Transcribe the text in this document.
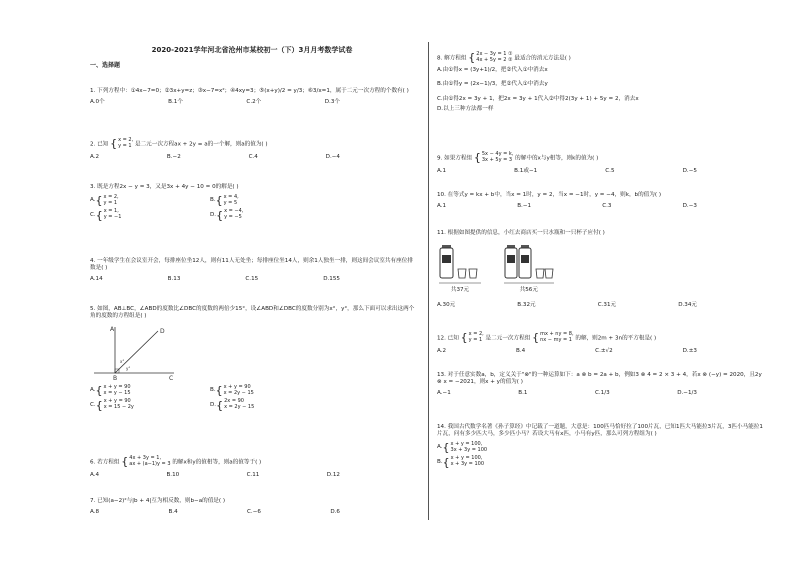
2020-2021学年河北省沧州市某校初一（下）3月月考数学试卷
一、选择题
1. 下列方程中：①4x−7=0；②3x+y=z；③x−7=x²；④4xy=3；⑤(x+y)/2 = y/3；⑥3/x=1，属于二元一次方程的个数有( )
A.0个	B.1个	C.2个	D.3个
2. 已知 { x = 2,
y = 1 是二元一次方程ax + 2y = a的一个解，则a的值为( )
A.2	B.−2	C.4	D.−4
3. 既是方程2x − y = 3，又是3x + 4y − 10 = 0的解是( )
A. { x = 2,
y = 1	B. { x = 4,
y = 5
C. { x = 1,
y = −1	D. { x = −4,
y = −5
4. 一年级学生在会议室开会，每排座位坐12人，则有11人无处坐；每排座位坐14人，则余1人独坐一排，则这间会议室共有座位排数是( )
A.14	B.13	C.15	D.155
5. 如图，AB⊥BC，∠ABD的度数比∠DBC的度数的两倍少15°，设∠ABD和∠DBC的度数分别为x°，y°，那么下面可以求出这两个角的度数的方程组是( )
A	D
B	C
x°
y°
A. { x + y = 90
x = y − 15	B. { x + y = 90
x = 2y − 15
C. { x + y = 90
x = 15 − 2y	D. { 2x = 90
x = 2y − 15
6. 若方程组 { 4x + 3y = 1,
ax + (a−1)y = 3 的解x和y的值相等，则a的值等于( )
A.4	B.10	C.11	D.12
7. 已知(a−2)²与|b + 4|互为相反数，则b−a的值是( )
A.8	B.4	C.−6	D.6
8. 解方程组 { 2x − 3y = 1 ①
4x + 5y = 2 ② 最适合的消元方法是( )
A.由①得x = (3y+1)/2，把②代入①中消去x
B.由①得y = (2x−1)/3，把②代入①中消去y
C.由①得2x = 3y + 1，把2x = 3y + 1代入②中得2(3y + 1) + 5y = 2，消去x
D.以上三种方法都一样
9. 如果方程组 { 5x − 4y = k,
3x + 5y = 3 的解中的x与y相等，则k的值为( )
A.1	B.1或−1	C.5	D.−5
10. 在等式y = kx + b中，当x = 1时，y = 2，当x = −1时，y = −4，则k，b的值为( )
A.1	B.−1	C.3	D.−3
11. 根据如图提供的信息，小红去商店买一只水瓶和一只杯子应付( )
共37元
	共56元
A.30元	B.32元	C.31元	D.34元
12. 已知 { x = 2,
y = 1 是二元一次方程组 { mx + ny = 8,
nx − my = 1 的解，则2m + 3n的平方根是( )
A.2	B.4	C.±√2	D.±3
13. 对于任意实数a，b，定义关于"⊗"的一种运算如下：a ⊗ b = 2a + b，例如3 ⊗ 4 = 2 × 3 + 4，若x ⊗ (−y) = 2020，且2y ⊗ x = −2021，则x + y的值为( )
A.−1	B.1	C.1/3	D.−1/3
14. 我国古代数学名著《孙子算经》中记载了一道题，大意是：100匹马恰好拉了100片瓦，已知1匹大马能拉3片瓦，3匹小马能拉1片瓦，问有多少匹大马，多少匹小马？若设大马有x匹，小马有y匹，那么可列方程组为( )
A. { x + y = 100,
3x + 3y = 100
B. { x + y = 100,
x + 3y = 100
